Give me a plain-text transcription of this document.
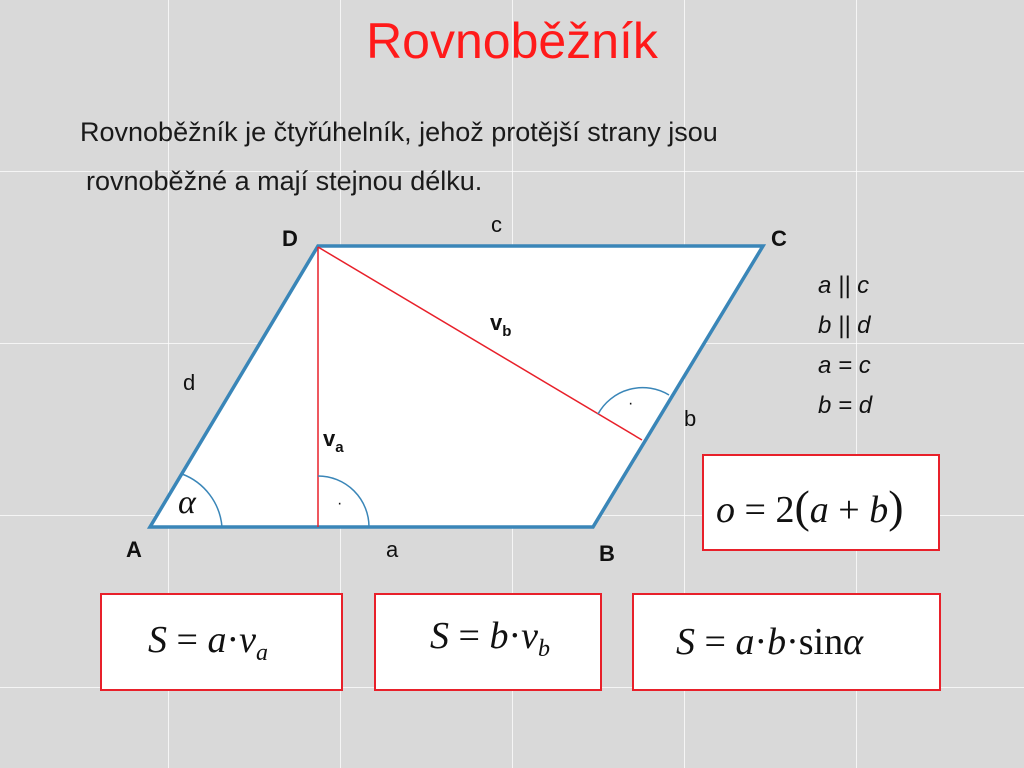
Rovnoběžník
Rovnoběžník je čtyřúhelník, jehož protější strany jsou
rovnoběžné a mají stejnou délku.
A	B
C
D
a
b
c
d
$v_a$
$v_b$
α	·
·
a || c
b || d
a = c
b = d
o = 2(a + b)
$S = a\cdot v_a$	$S = b\cdot v_b$	S = a·b·sinα
